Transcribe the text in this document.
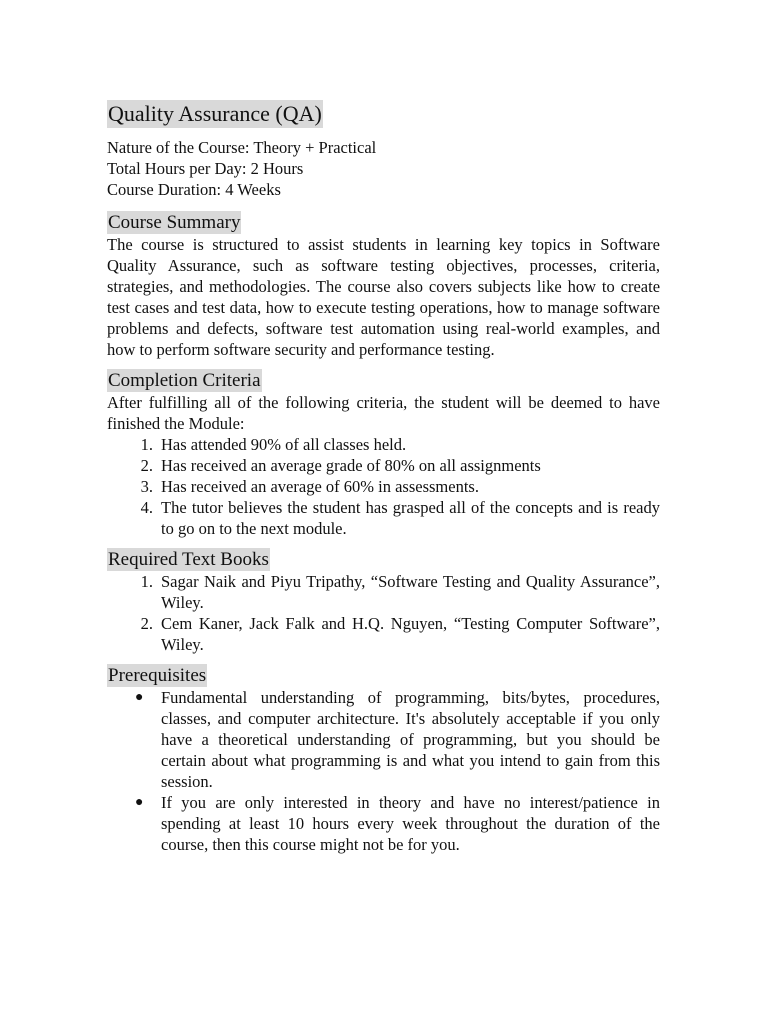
Quality Assurance (QA)
Nature of the Course: Theory + Practical
Total Hours per Day: 2 Hours
Course Duration: 4 Weeks
Course Summary

The course is structured to assist students in learning key topics in Software Quality Assurance, such as software testing objectives, processes, criteria, strategies, and methodologies. The course also covers subjects like how to create test cases and test data, how to execute testing operations, how to manage software problems and defects, software test automation using real-world examples, and how to perform software security and performance testing.

Completion Criteria

After fulfilling all of the following criteria, the student will be deemed to have finished the Module:

1. Has attended 90% of all classes held.
2. Has received an average grade of 80% on all assignments
3. Has received an average of 60% in assessments.
4. The tutor believes the student has grasped all of the concepts and is ready to go on to the next module.
Required Text Books
1. Sagar Naik and Piyu Tripathy, “Software Testing and Quality Assurance”, Wiley.
2. Cem Kaner, Jack Falk and H.Q. Nguyen, “Testing Computer Software”, Wiley.
Prerequisites
● Fundamental understanding of programming, bits/bytes, procedures, classes, and computer architecture. It's absolutely acceptable if you only have a theoretical understanding of programming, but you should be certain about what programming is and what you intend to gain from this session.
● If you are only interested in theory and have no interest/patience in spending at least 10 hours every week throughout the duration of the course, then this course might not be for you.
